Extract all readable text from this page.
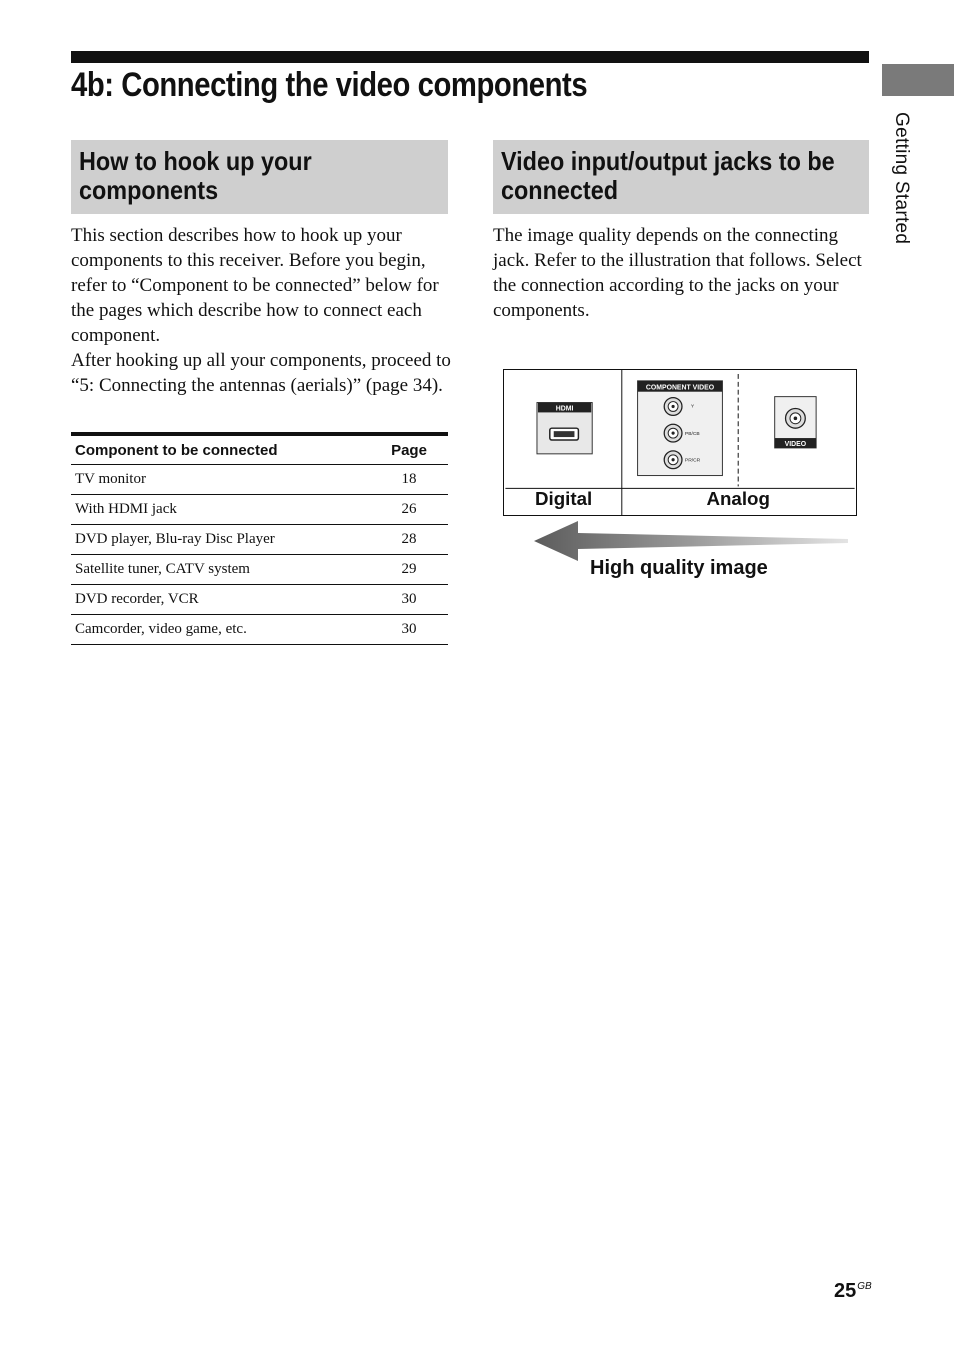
4b: Connecting the video components
Getting Started
How to hook up your components

This section describes how to hook up your components to this receiver. Before you begin, refer to “Component to be connected” below for the pages which describe how to connect each component.

After hooking up all your components, proceed to “5: Connecting the antennas (aerials)” (page 34).

Component to be connected	Page
TV monitor	18
With HDMI jack	26
DVD player, Blu-ray Disc Player	28
Satellite tuner, CATV system	29
DVD recorder, VCR	30
Camcorder, video game, etc.	30
Video input/output jacks to be connected

The image quality depends on the connecting jack. Refer to the illustration that follows. Select the connection according to the jacks on your components.

HDMI
COMPONENT VIDEO
Y
PB/CB
PR/CR
VIDEO
Digital	Analog
High quality image
$25^{GB}$
